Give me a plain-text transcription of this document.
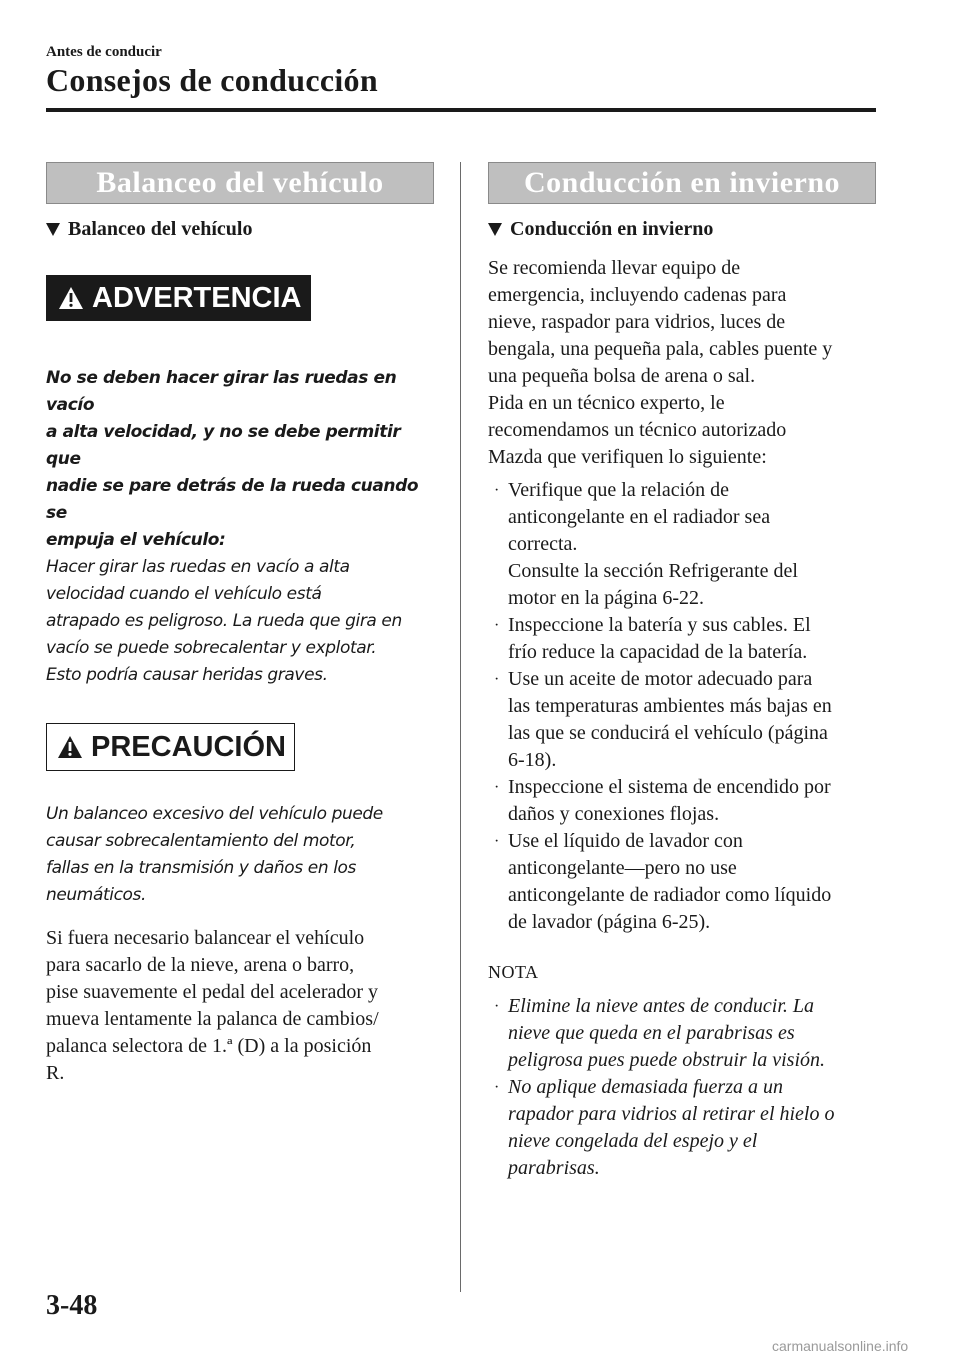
Antes de conducir
Consejos de conducción
Balanceo del vehículo
Balanceo del vehículo
ADVERTENCIA
No se deben hacer girar las ruedas en vacío
a alta velocidad, y no se debe permitir que
nadie se pare detrás de la rueda cuando se
empuja el vehículo:
Hacer girar las ruedas en vacío a alta
velocidad cuando el vehículo está
atrapado es peligroso. La rueda que gira en
vacío se puede sobrecalentar y explotar.
Esto podría causar heridas graves.
PRECAUCIÓN
Un balanceo excesivo del vehículo puede
causar sobrecalentamiento del motor,
fallas en la transmisión y daños en los
neumáticos.
Si fuera necesario balancear el vehículo
para sacarlo de la nieve, arena o barro,
pise suavemente el pedal del acelerador y
mueva lentamente la palanca de cambios/
palanca selectora de 1.ª (D) a la posición
R.
Conducción en invierno
Conducción en invierno
Se recomienda llevar equipo de
emergencia, incluyendo cadenas para
nieve, raspador para vidrios, luces de
bengala, una pequeña pala, cables puente y
una pequeña bolsa de arena o sal.
Pida en un técnico experto, le
recomendamos un técnico autorizado
Mazda que verifiquen lo siguiente:
· Verifique que la relación de
anticongelante en el radiador sea
correcta.
Consulte la sección Refrigerante del
motor en la página 6-22.
· Inspeccione la batería y sus cables. El
frío reduce la capacidad de la batería.
· Use un aceite de motor adecuado para
las temperaturas ambientes más bajas en
las que se conducirá el vehículo (página
6-18).
· Inspeccione el sistema de encendido por
daños y conexiones flojas.
· Use el líquido de lavador con
anticongelante—pero no use
anticongelante de radiador como líquido
de lavador (página 6-25).
NOTA
· Elimine la nieve antes de conducir. La
nieve que queda en el parabrisas es
peligrosa pues puede obstruir la visión.
· No aplique demasiada fuerza a un
rapador para vidrios al retirar el hielo o
nieve congelada del espejo y el
parabrisas.
3-48
carmanualsonline.info
